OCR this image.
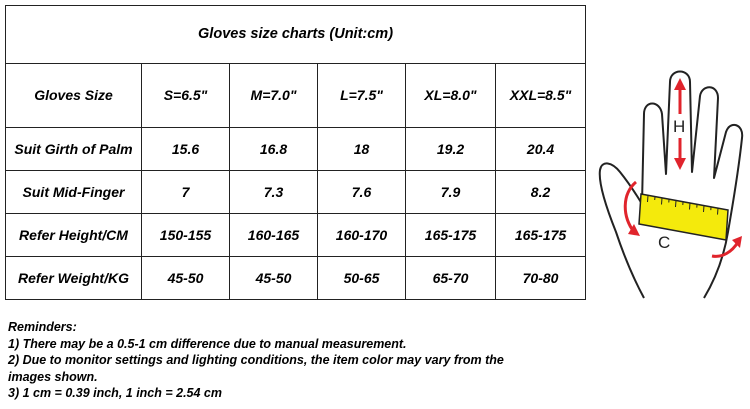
Gloves size charts (Unit:cm)					
Gloves Size	S=6.5"	M=7.0"	L=7.5"	XL=8.0"	XXL=8.5"
Suit Girth of Palm	15.6	16.8	18	19.2	20.4
Suit Mid-Finger	7	7.3	7.6	7.9	8.2
Refer Height/CM	150-155	160-165	160-170	165-175	165-175
Refer Weight/KG	45-50	45-50	50-65	65-70	70-80
Reminders:
1) There may be a 0.5-1 cm difference due to manual measurement.
2) Due to monitor settings and lighting conditions, the item color may vary from the
images shown.
3) 1 cm = 0.39 inch, 1 inch = 2.54 cm
H
C
